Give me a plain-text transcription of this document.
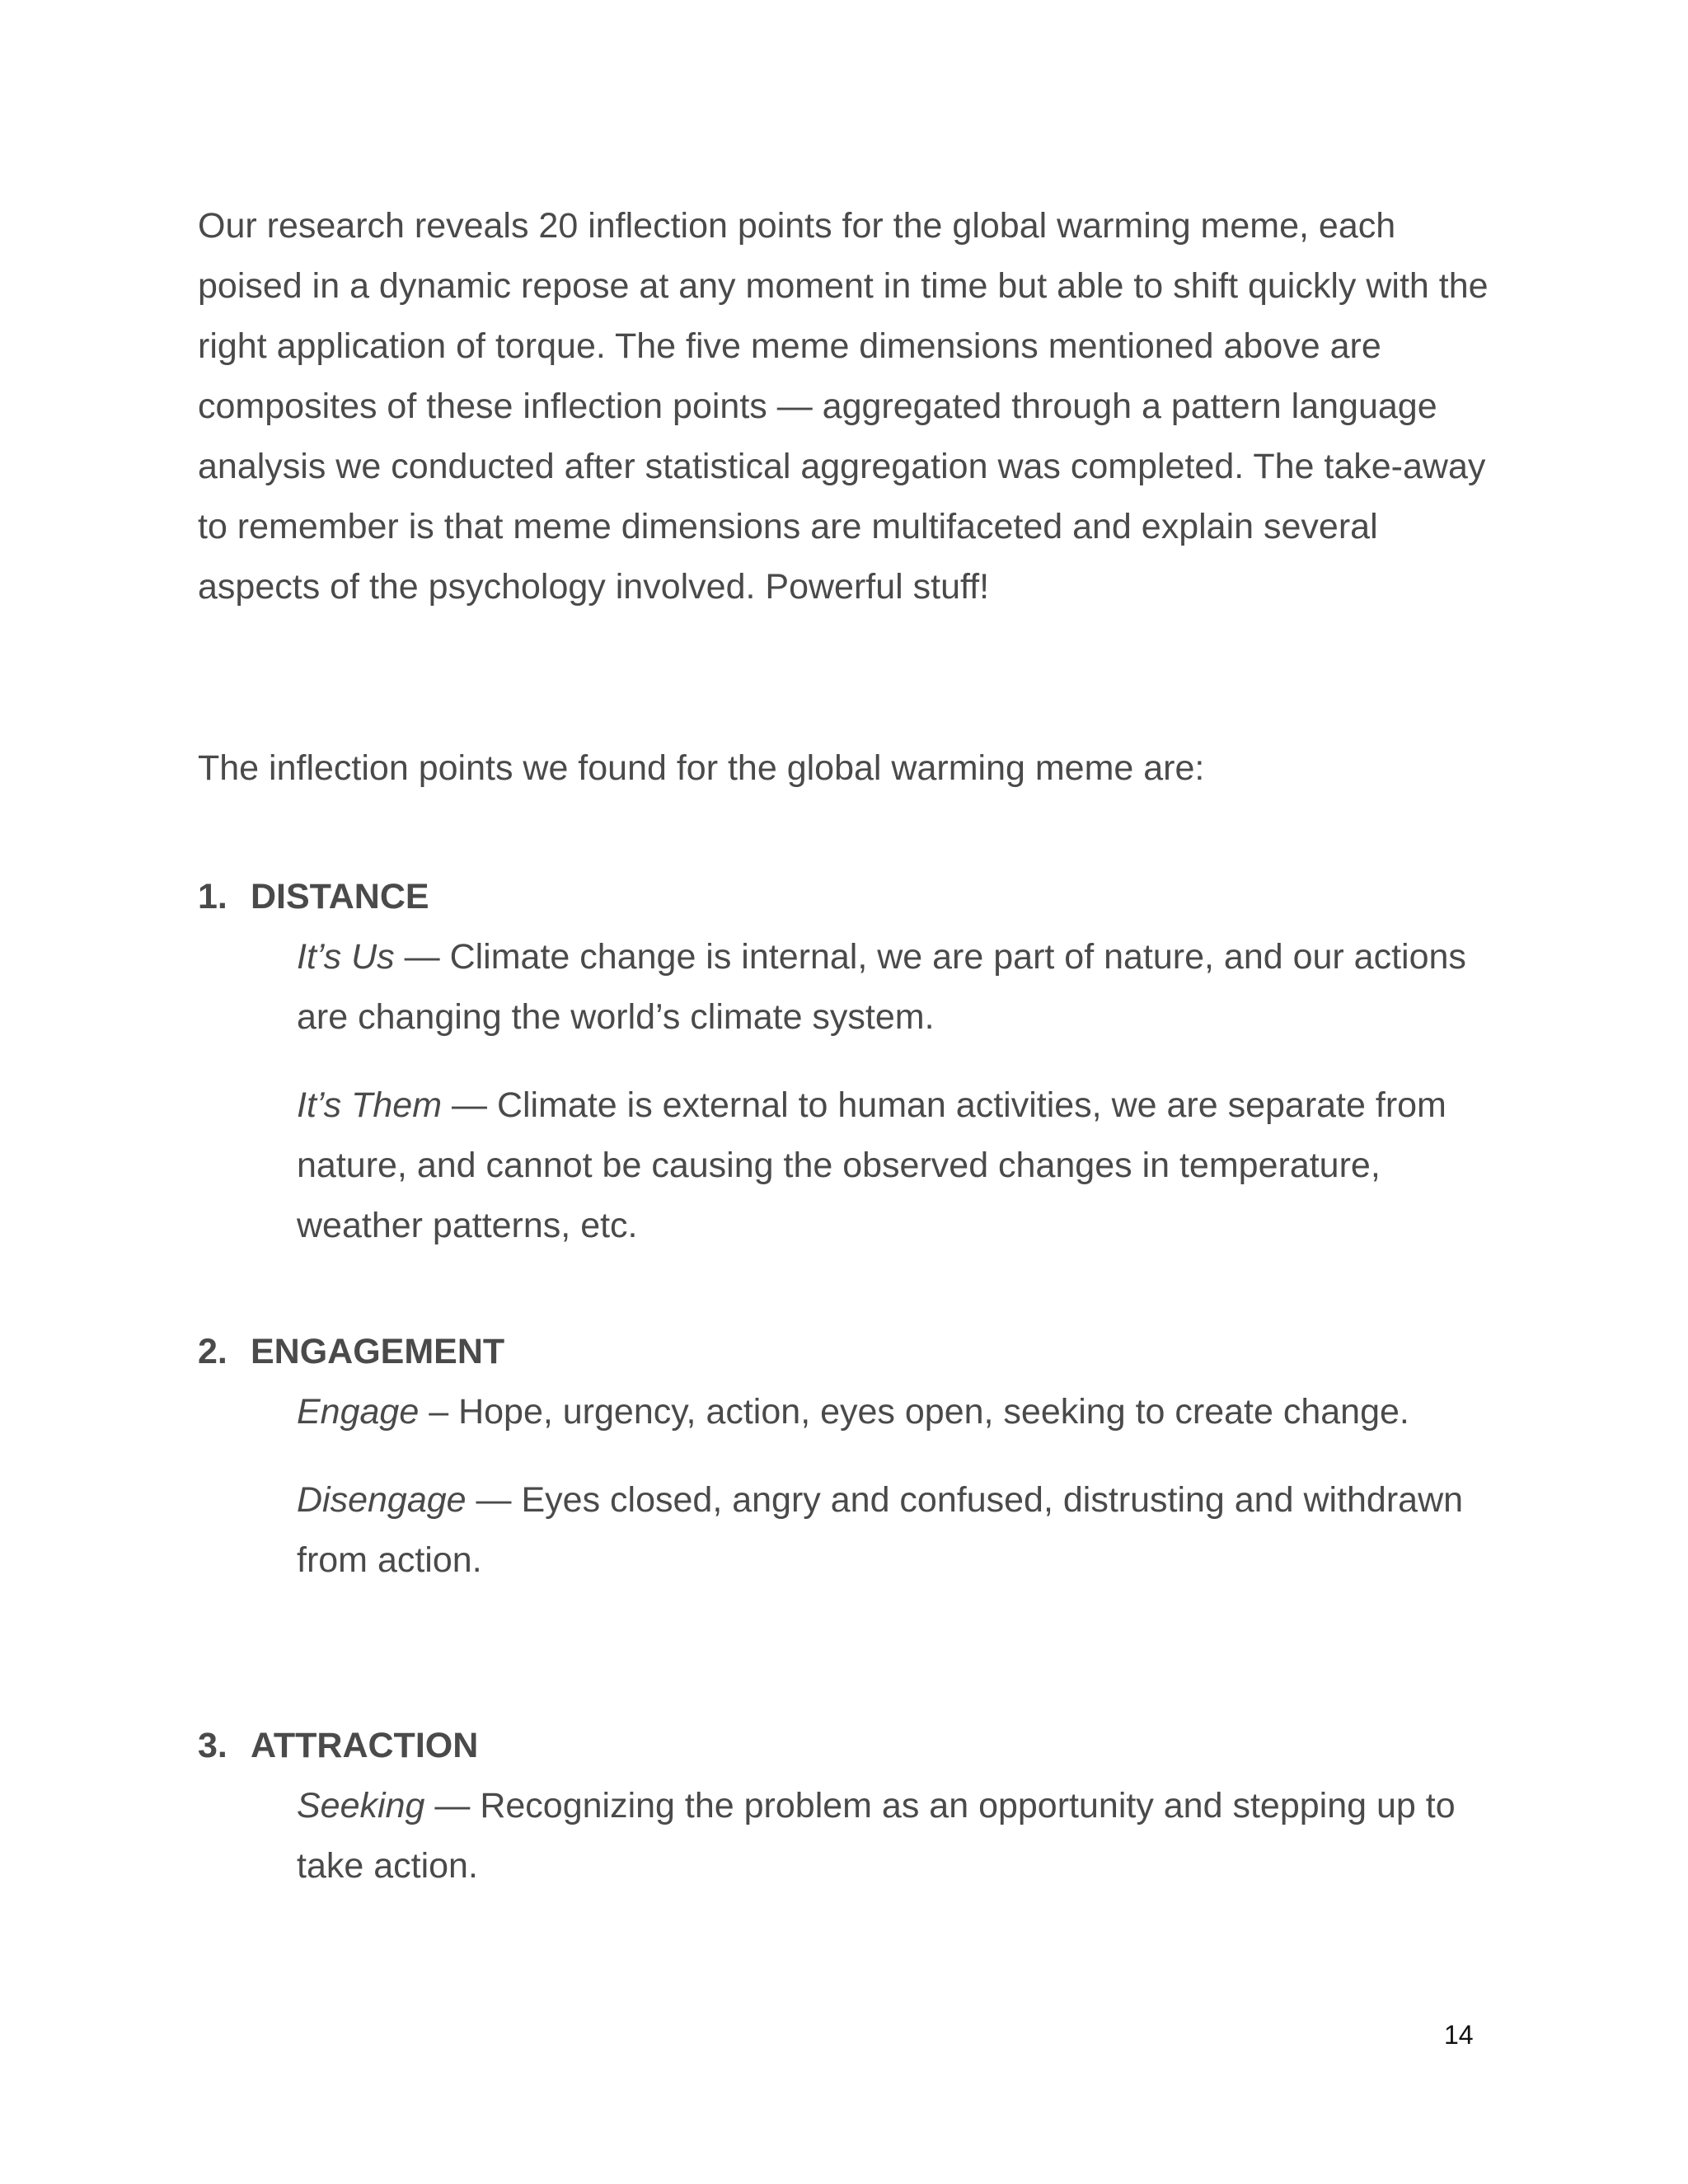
Our research reveals 20 inflection points for the global warming meme, each poised in a dynamic repose at any moment in time but able to shift quickly with the right application of torque. The five meme dimensions mentioned above are composites of these inflection points — aggregated through a pattern language analysis we conducted after statistical aggregation was completed. The take-away to remember is that meme dimensions are multifaceted and explain several aspects of the psychology involved. Powerful stuff!

The inflection points we found for the global warming meme are:

1. DISTANCE

It’s Us — Climate change is internal, we are part of nature, and our actions are changing the world’s climate system.

It’s Them — Climate is external to human activities, we are separate from nature, and cannot be causing the observed changes in temperature, weather patterns, etc.

2. ENGAGEMENT

Engage – Hope, urgency, action, eyes open, seeking to create change.

Disengage — Eyes closed, angry and confused, distrusting and withdrawn from action.

3. ATTRACTION

Seeking — Recognizing the problem as an opportunity and stepping up to take action.

14
